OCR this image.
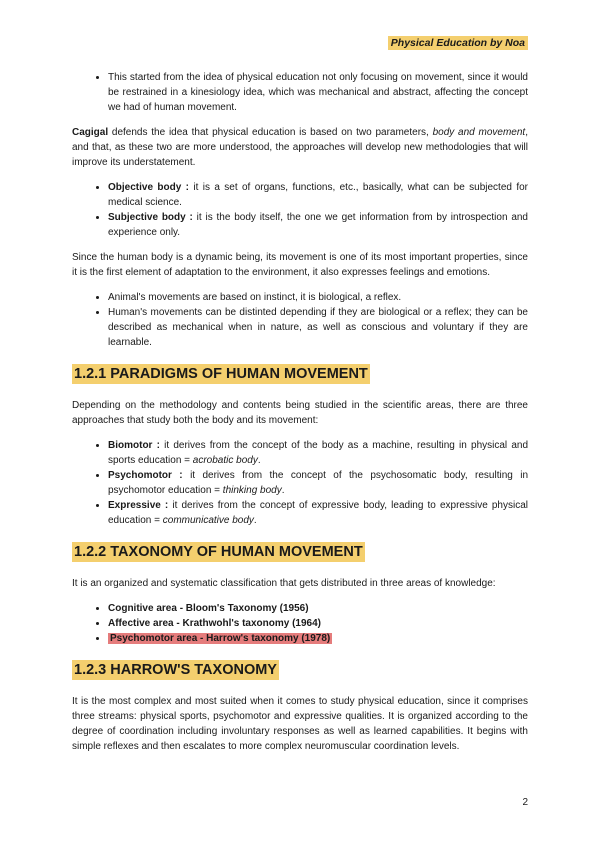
Physical Education by Noa
• This started from the idea of physical education not only focusing on movement, since it would be restrained in a kinesiology idea, which was mechanical and abstract, affecting the concept we had of human movement.

Cagigal defends the idea that physical education is based on two parameters, body and movement, and that, as these two are more understood, the approaches will develop new methodologies that will improve its understatement.

• Objective body : it is a set of organs, functions, etc., basically, what can be subjected for medical science.
• Subjective body : it is the body itself, the one we get information from by introspection and experience only.

Since the human body is a dynamic being, its movement is one of its most important properties, since it is the first element of adaptation to the environment, it also expresses feelings and emotions.

• Animal's movements are based on instinct, it is biological, a reflex.
• Human's movements can be distinted depending if they are biological or a reflex; they can be described as mechanical when in nature, as well as conscious and voluntary if they are learnable.
1.2.1 PARADIGMS OF HUMAN MOVEMENT

Depending on the methodology and contents being studied in the scientific areas, there are three approaches that study both the body and its movement:

• Biomotor : it derives from the concept of the body as a machine, resulting in physical and sports education = acrobatic body.
• Psychomotor : it derives from the concept of the psychosomatic body, resulting in psychomotor education = thinking body.
• Expressive : it derives from the concept of expressive body, leading to expressive physical education = communicative body.
1.2.2 TAXONOMY OF HUMAN MOVEMENT

It is an organized and systematic classification that gets distributed in three areas of knowledge:

• Cognitive area - Bloom's Taxonomy (1956)
• Affective area - Krathwohl's taxonomy (1964)
• Psychomotor area - Harrow's taxonomy (1978)
1.2.3 HARROW'S TAXONOMY

It is the most complex and most suited when it comes to study physical education, since it comprises three streams: physical sports, psychomotor and expressive qualities. It is organized according to the degree of coordination including involuntary responses as well as learned capabilities. It begins with simple reflexes and then escalates to more complex neuromuscular coordination levels.

2
